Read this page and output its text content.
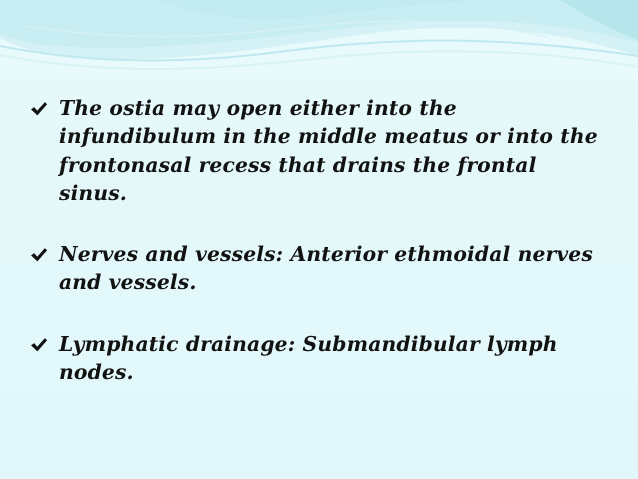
The ostia may open either into the infundibulum in the middle meatus or into the frontonasal recess that drains the frontal sinus.
Nerves and vessels: Anterior ethmoidal nerves and vessels.
Lymphatic drainage: Submandibular lymph nodes.
